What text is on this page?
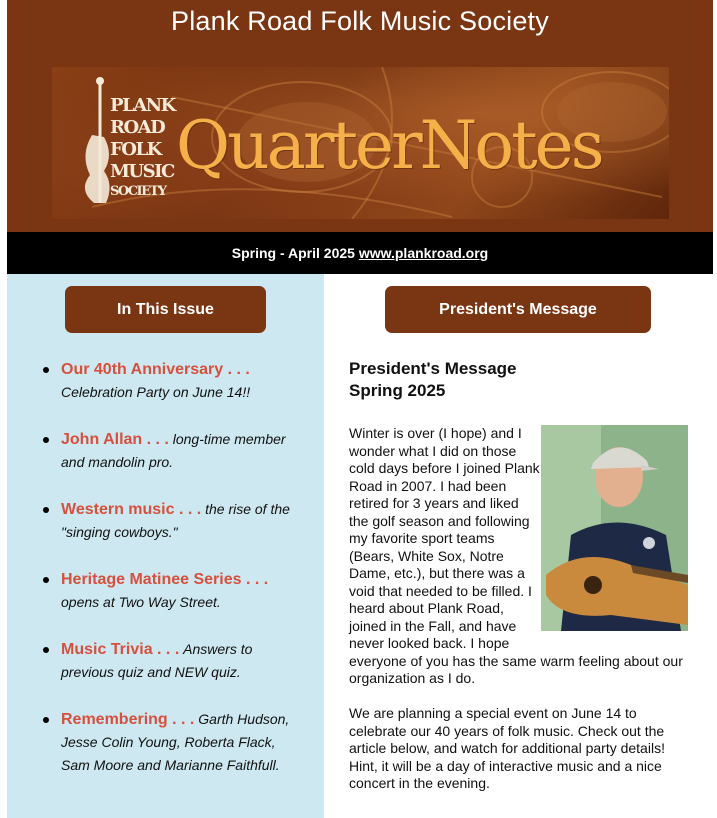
Plank Road Folk Music Society
PLANK
ROAD
FOLK
MUSIC
SOCIETY
QuarterNotes
Spring - April 2025 www.plankroad.org
In This Issue
Our 40th Anniversary . . .
Celebration Party on June 14!!
John Allan . . . long-time member and mandolin pro.
Western music . . . the rise of the "singing cowboys."
Heritage Matinee Series . . . opens at Two Way Street.
Music Trivia . . . Answers to previous quiz and NEW quiz.
Remembering . . . Garth Hudson, Jesse Colin Young, Roberta Flack, Sam Moore and Marianne Faithfull.
President's Message
President's Message
Spring 2025

Winter is over (I hope) and I wonder what I did on those cold days before I joined Plank Road in 2007. I had been retired for 3 years and liked the golf season and following my favorite sport teams (Bears, White Sox, Notre Dame, etc.), but there was a void that needed to be filled. I heard about Plank Road, joined in the Fall, and have never looked back. I hope everyone of you has the same warm feeling about our organization as I do.

We are planning a special event on June 14 to celebrate our 40 years of folk music. Check out the article below, and watch for additional party details! Hint, it will be a day of interactive music and a nice concert in the evening.
